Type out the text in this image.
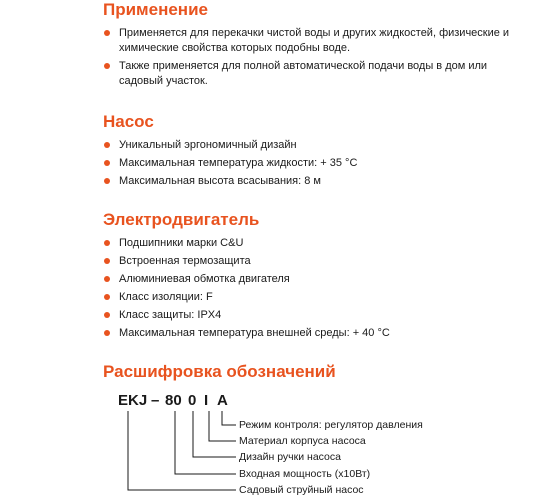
Применение
Применяется для перекачки чистой воды и других жидкостей, физические и химические свойства которых подобны воде.
Также применяется для полной автоматической подачи воды в дом или садовый участок.
Насос
Уникальный эргономичный дизайн
Максимальная температура жидкости: + 35 °С
Максимальная высота всасывания: 8 м
Электродвигатель
Подшипники марки C&U
Встроенная термозащита
Алюминиевая обмотка двигателя
Класс изоляции: F
Класс защиты: IPX4
Максимальная температура внешней среды: + 40 °С
Расшифровка обозначений
EKJ – 80 0 I A
Режим контроля: регулятор давления
Материал корпуса насоса
Дизайн ручки насоса
Входная мощность (x10Вт)
Садовый струйный насос
